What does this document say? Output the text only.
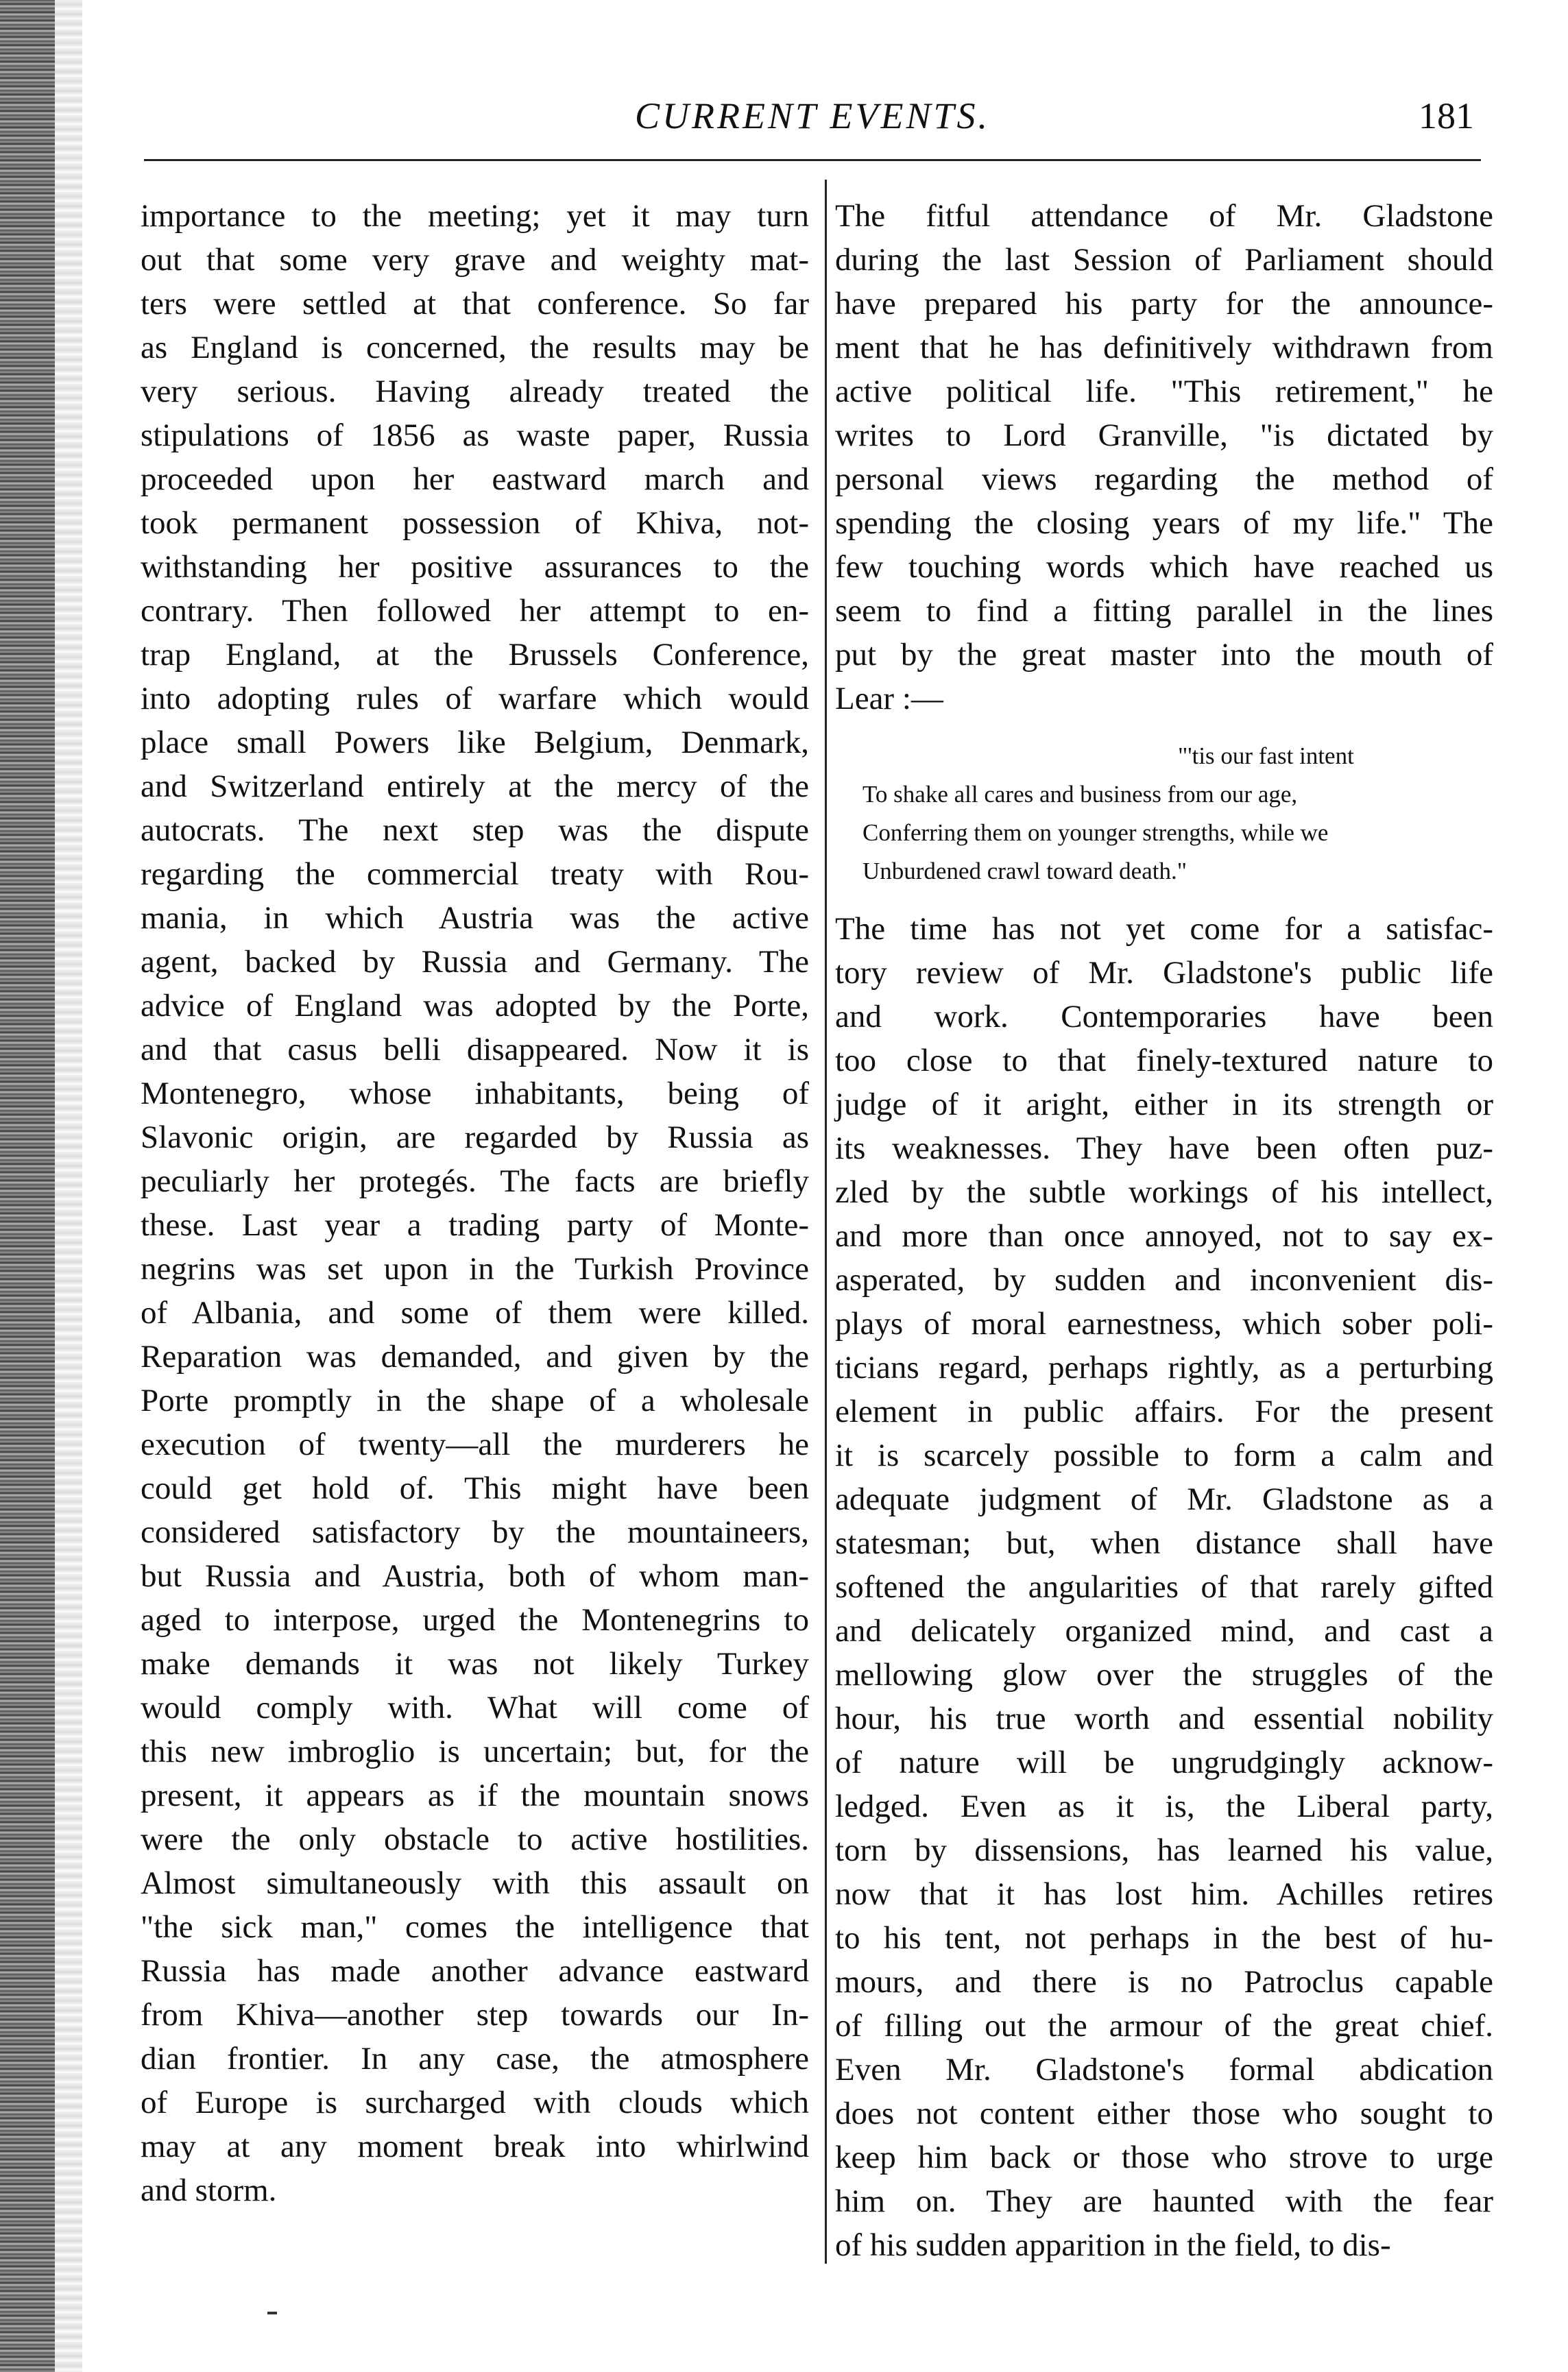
CURRENT EVENTS.	181
importance to the meeting; yet it may turn
out that some very grave and weighty mat-
ters were settled at that conference. So far
as England is concerned, the results may be
very serious. Having already treated the
stipulations of 1856 as waste paper, Russia
proceeded upon her eastward march and
took permanent possession of Khiva, not-
withstanding her positive assurances to the
contrary. Then followed her attempt to en-
trap England, at the Brussels Conference,
into adopting rules of warfare which would
place small Powers like Belgium, Denmark,
and Switzerland entirely at the mercy of the
autocrats. The next step was the dispute
regarding the commercial treaty with Rou-
mania, in which Austria was the active
agent, backed by Russia and Germany. The
advice of England was adopted by the Porte,
and that casus belli disappeared. Now it is
Montenegro, whose inhabitants, being of
Slavonic origin, are regarded by Russia as
peculiarly her protegés. The facts are briefly
these. Last year a trading party of Monte-
negrins was set upon in the Turkish Province
of Albania, and some of them were killed.
Reparation was demanded, and given by the
Porte promptly in the shape of a wholesale
execution of twenty—all the murderers he
could get hold of. This might have been
considered satisfactory by the mountaineers,
but Russia and Austria, both of whom man-
aged to interpose, urged the Montenegrins to
make demands it was not likely Turkey
would comply with. What will come of
this new imbroglio is uncertain; but, for the
present, it appears as if the mountain snows
were the only obstacle to active hostilities.
Almost simultaneously with this assault on
"the sick man," comes the intelligence that
Russia has made another advance eastward
from Khiva—another step towards our In-
dian frontier. In any case, the atmosphere
of Europe is surcharged with clouds which
may at any moment break into whirlwind
and storm.
The fitful attendance of Mr. Gladstone
during the last Session of Parliament should
have prepared his party for the announce-
ment that he has definitively withdrawn from
active political life. "This retirement," he
writes to Lord Granville, "is dictated by
personal views regarding the method of
spending the closing years of my life." The
few touching words which have reached us
seem to find a fitting parallel in the lines
put by the great master into the mouth of
Lear :—
"'tis our fast intent
To shake all cares and business from our age,
Conferring them on younger strengths, while we
Unburdened crawl toward death."
The time has not yet come for a satisfac-
tory review of Mr. Gladstone's public life
and work. Contemporaries have been
too close to that finely-textured nature to
judge of it aright, either in its strength or
its weaknesses. They have been often puz-
zled by the subtle workings of his intellect,
and more than once annoyed, not to say ex-
asperated, by sudden and inconvenient dis-
plays of moral earnestness, which sober poli-
ticians regard, perhaps rightly, as a perturbing
element in public affairs. For the present
it is scarcely possible to form a calm and
adequate judgment of Mr. Gladstone as a
statesman; but, when distance shall have
softened the angularities of that rarely gifted
and delicately organized mind, and cast a
mellowing glow over the struggles of the
hour, his true worth and essential nobility
of nature will be ungrudgingly acknow-
ledged. Even as it is, the Liberal party,
torn by dissensions, has learned his value,
now that it has lost him. Achilles retires
to his tent, not perhaps in the best of hu-
mours, and there is no Patroclus capable
of filling out the armour of the great chief.
Even Mr. Gladstone's formal abdication
does not content either those who sought to
keep him back or those who strove to urge
him on. They are haunted with the fear
of his sudden apparition in the field, to dis-
